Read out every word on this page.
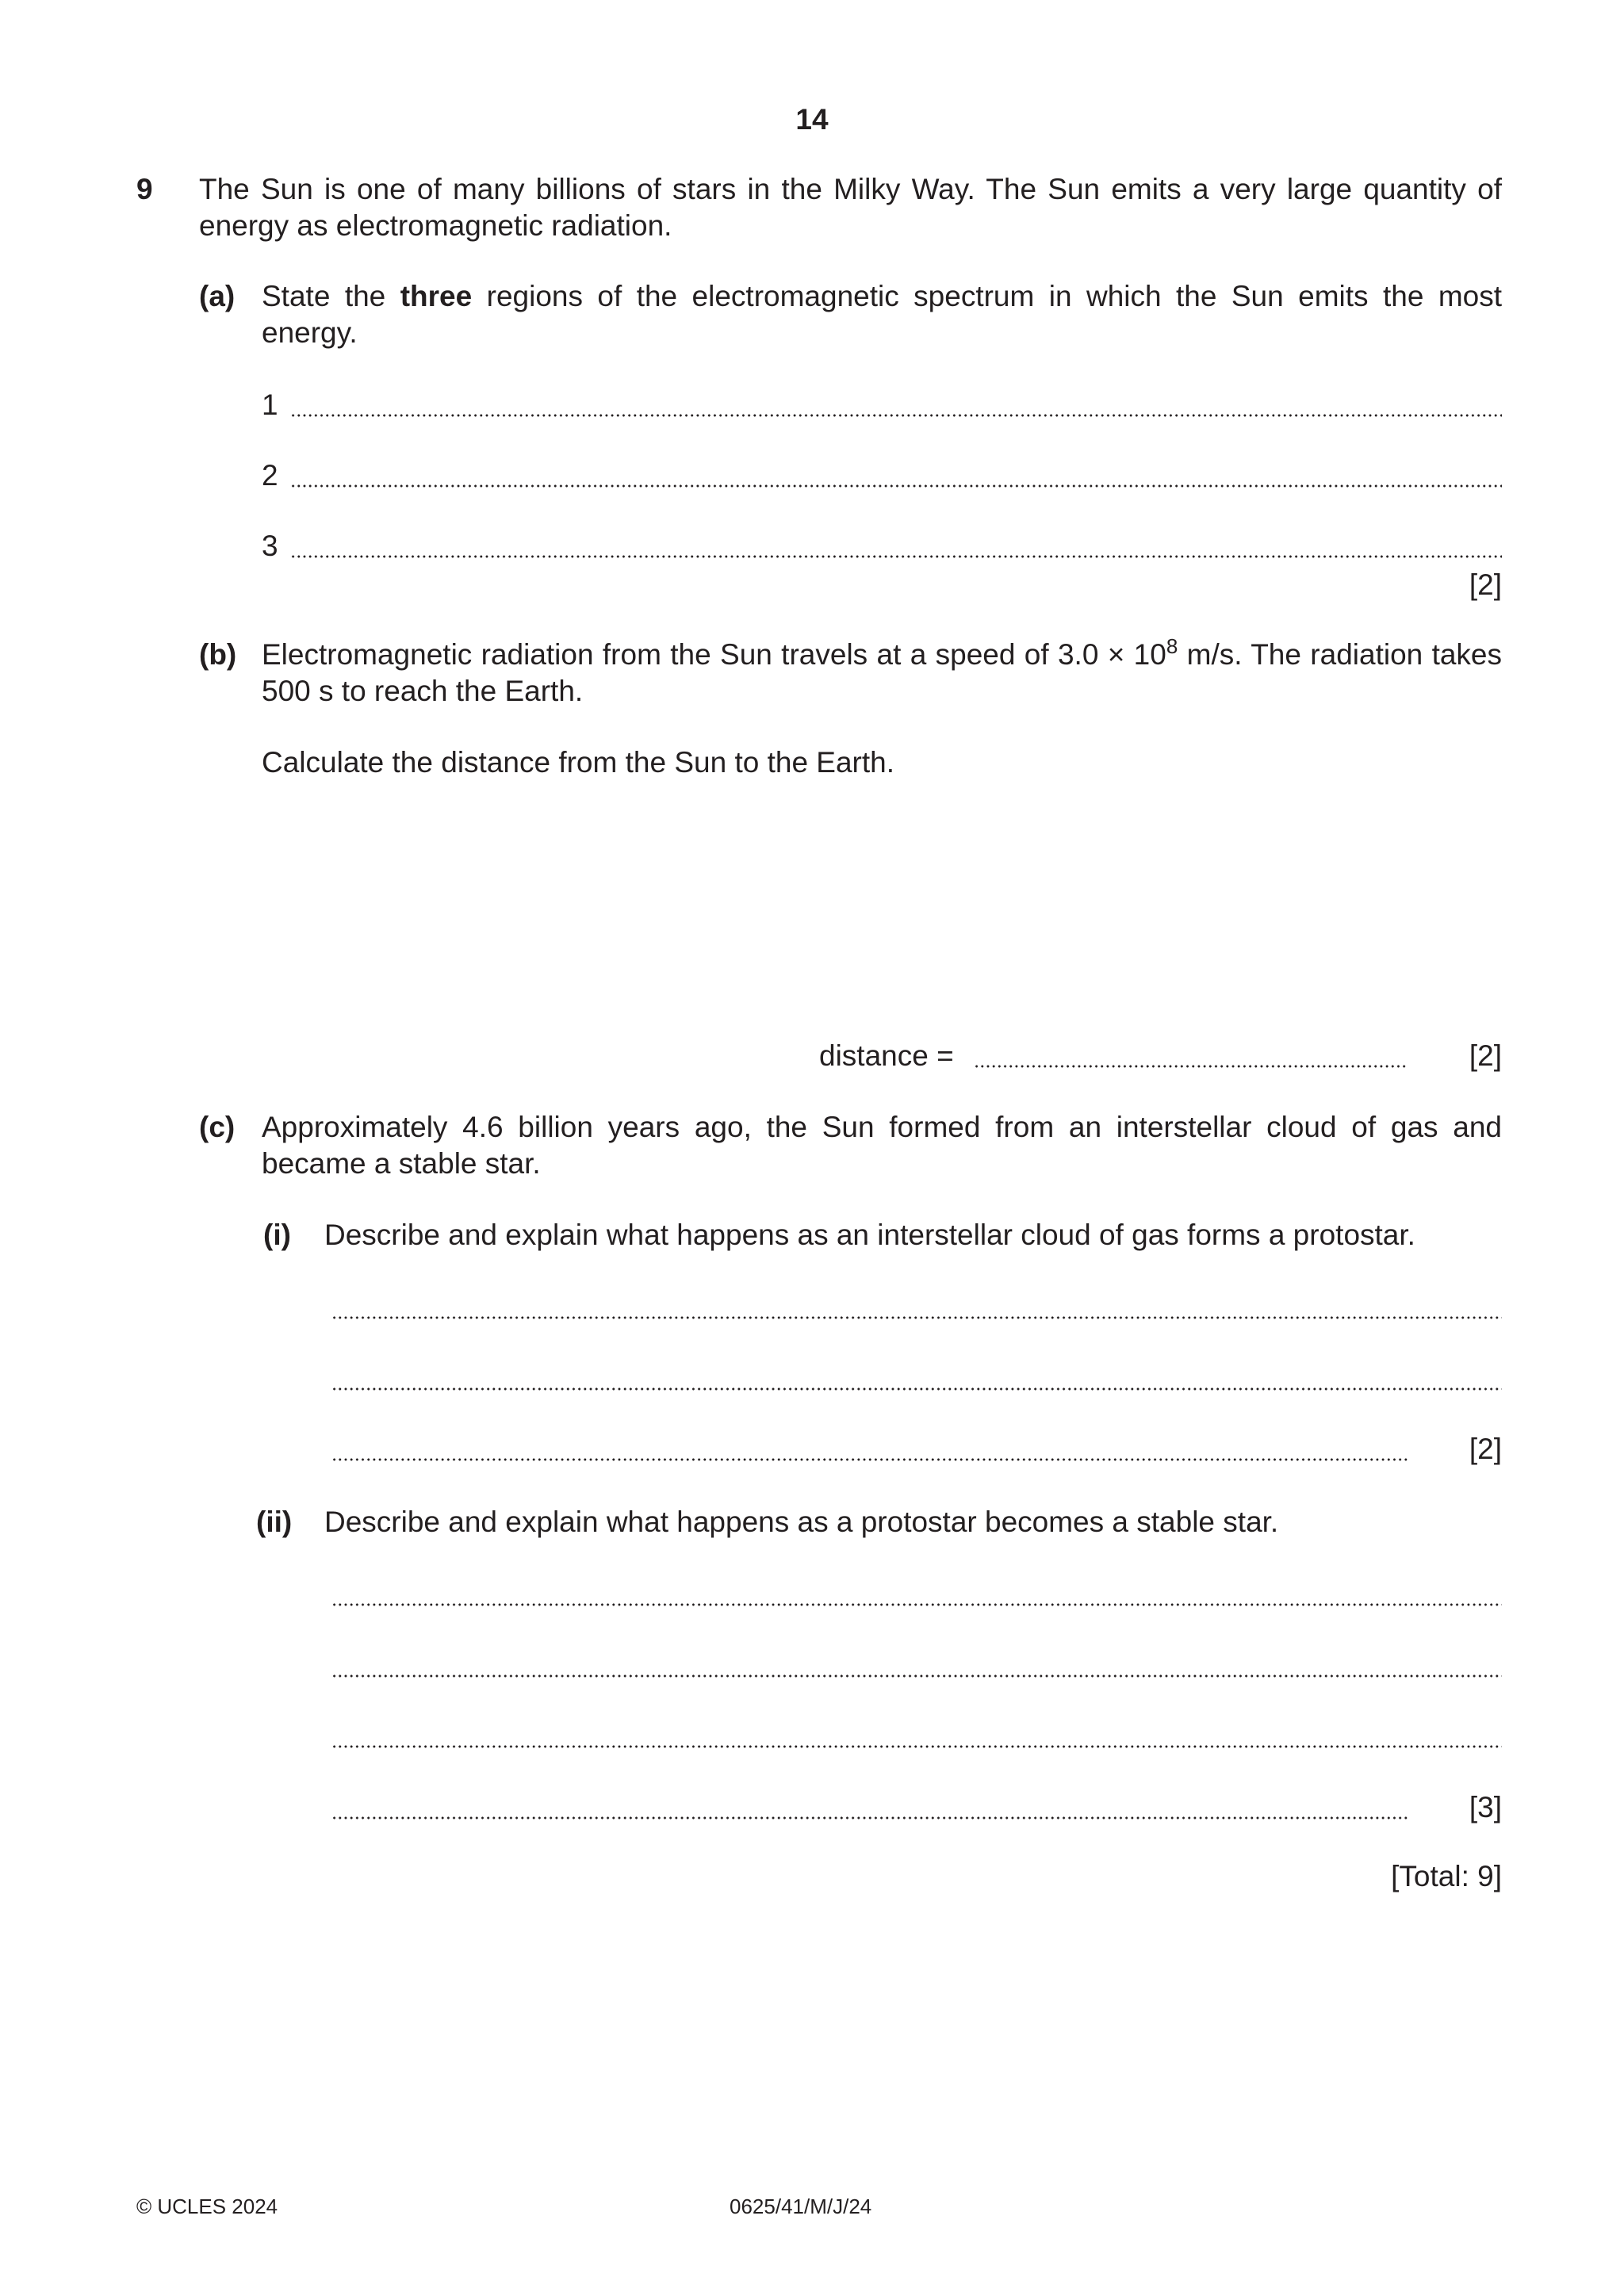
14
9 The Sun is one of many billions of stars in the Milky Way. The Sun emits a very large quantity of energy as electromagnetic radiation.
(a) State the three regions of the electromagnetic spectrum in which the Sun emits the most energy.
1
2
3
[2]
(b) Electromagnetic radiation from the Sun travels at a speed of $3.0 \times 10^8$ m/s. The radiation takes 500 s to reach the Earth.
Calculate the distance from the Sun to the Earth.
distance =	[2]
(c) Approximately 4.6 billion years ago, the Sun formed from an interstellar cloud of gas and became a stable star.
(i) Describe and explain what happens as an interstellar cloud of gas forms a protostar.
[2]
(ii) Describe and explain what happens as a protostar becomes a stable star.
[3]
[Total: 9]
© UCLES 2024	0625/41/M/J/24
